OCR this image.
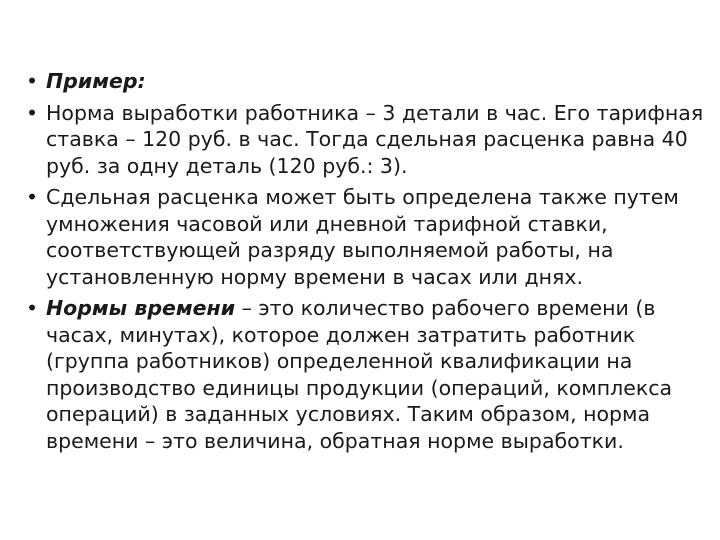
• Пример:
• Норма выработки работника – 3 детали в час. Его тарифная ставка – 120 руб. в час. Тогда сдельная расценка равна 40 руб. за одну деталь (120 руб.: 3).
• Сдельная расценка может быть определена также путем умножения часовой или дневной тарифной ставки, соответствующей разряду выполняемой работы, на установленную норму времени в часах или днях.
• Нормы времени – это количество рабочего времени (в часах, минутах), которое должен затратить работник (группа работников) определенной квалификации на производство единицы продукции (операций, комплекса операций) в заданных условиях. Таким образом, норма времени – это величина, обратная норме выработки.
